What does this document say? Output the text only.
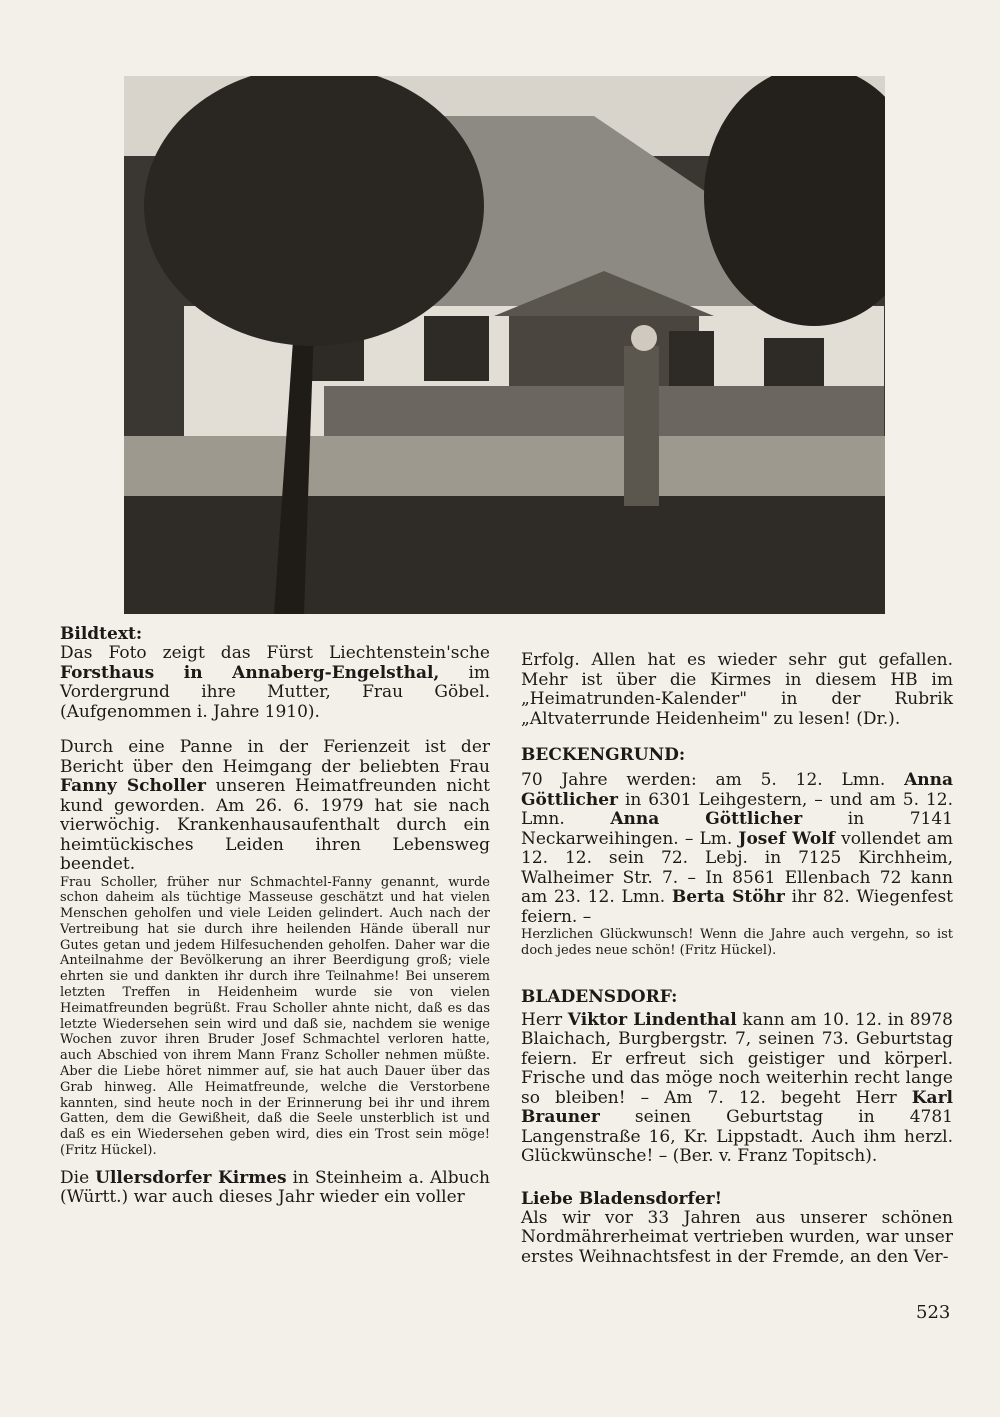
Bildtext:

Das Foto zeigt das Fürst Liechtenstein'sche Forsthaus in Annaberg-Engelsthal, im Vordergrund ihre Mutter, Frau Göbel. (Aufgenommen i. Jahre 1910).

Durch eine Panne in der Ferienzeit ist der Bericht über den Heimgang der beliebten Frau Fanny Scholler unseren Heimatfreunden nicht kund geworden. Am 26. 6. 1979 hat sie nach vierwöchig. Krankenhausaufenthalt durch ein heimtückisches Leiden ihren Lebensweg beendet.

Frau Scholler, früher nur Schmachtel-Fanny genannt, wurde schon daheim als tüchtige Masseuse geschätzt und hat vielen Menschen geholfen und viele Leiden gelindert. Auch nach der Vertreibung hat sie durch ihre heilenden Hände überall nur Gutes getan und jedem Hilfesuchenden geholfen. Daher war die Anteilnahme der Bevölkerung an ihrer Beerdigung groß; viele ehrten sie und dankten ihr durch ihre Teilnahme! Bei unserem letzten Treffen in Heidenheim wurde sie von vielen Heimatfreunden begrüßt. Frau Scholler ahnte nicht, daß es das letzte Wiedersehen sein wird und daß sie, nachdem sie wenige Wochen zuvor ihren Bruder Josef Schmachtel verloren hatte, auch Abschied von ihrem Mann Franz Scholler nehmen müßte. Aber die Liebe höret nimmer auf, sie hat auch Dauer über das Grab hinweg. Alle Heimatfreunde, welche die Verstorbene kannten, sind heute noch in der Erinnerung bei ihr und ihrem Gatten, dem die Gewißheit, daß die Seele unsterblich ist und daß es ein Wiedersehen geben wird, dies ein Trost sein möge! (Fritz Hückel).

Die Ullersdorfer Kirmes in Steinheim a. Albuch (Württ.) war auch dieses Jahr wieder ein voller

Erfolg. Allen hat es wieder sehr gut gefallen. Mehr ist über die Kirmes in diesem HB im „Heimatrunden-Kalender" in der Rubrik „Altvaterrunde Heidenheim" zu lesen! (Dr.).

BECKENGRUND:

70 Jahre werden: am 5. 12. Lmn. Anna Göttlicher in 6301 Leihgestern, – und am 5. 12. Lmn. Anna Göttlicher in 7141 Neckarweihingen. – Lm. Josef Wolf vollendet am 12. 12. sein 72. Lebj. in 7125 Kirchheim, Walheimer Str. 7. – In 8561 Ellenbach 72 kann am 23. 12. Lmn. Berta Stöhr ihr 82. Wiegenfest feiern. –

Herzlichen Glückwunsch! Wenn die Jahre auch vergehn, so ist doch jedes neue schön! (Fritz Hückel).

BLADENSDORF:

Herr Viktor Lindenthal kann am 10. 12. in 8978 Blaichach, Burgbergstr. 7, seinen 73. Geburtstag feiern. Er erfreut sich geistiger und körperl. Frische und das möge noch weiterhin recht lange so bleiben! – Am 7. 12. begeht Herr Karl Brauner seinen Geburtstag in 4781 Langenstraße 16, Kr. Lippstadt. Auch ihm herzl. Glückwünsche! – (Ber. v. Franz Topitsch).

Liebe Bladensdorfer!

Als wir vor 33 Jahren aus unserer schönen Nordmährerheimat vertrieben wurden, war unser erstes Weihnachtsfest in der Fremde, an den Ver-

523
